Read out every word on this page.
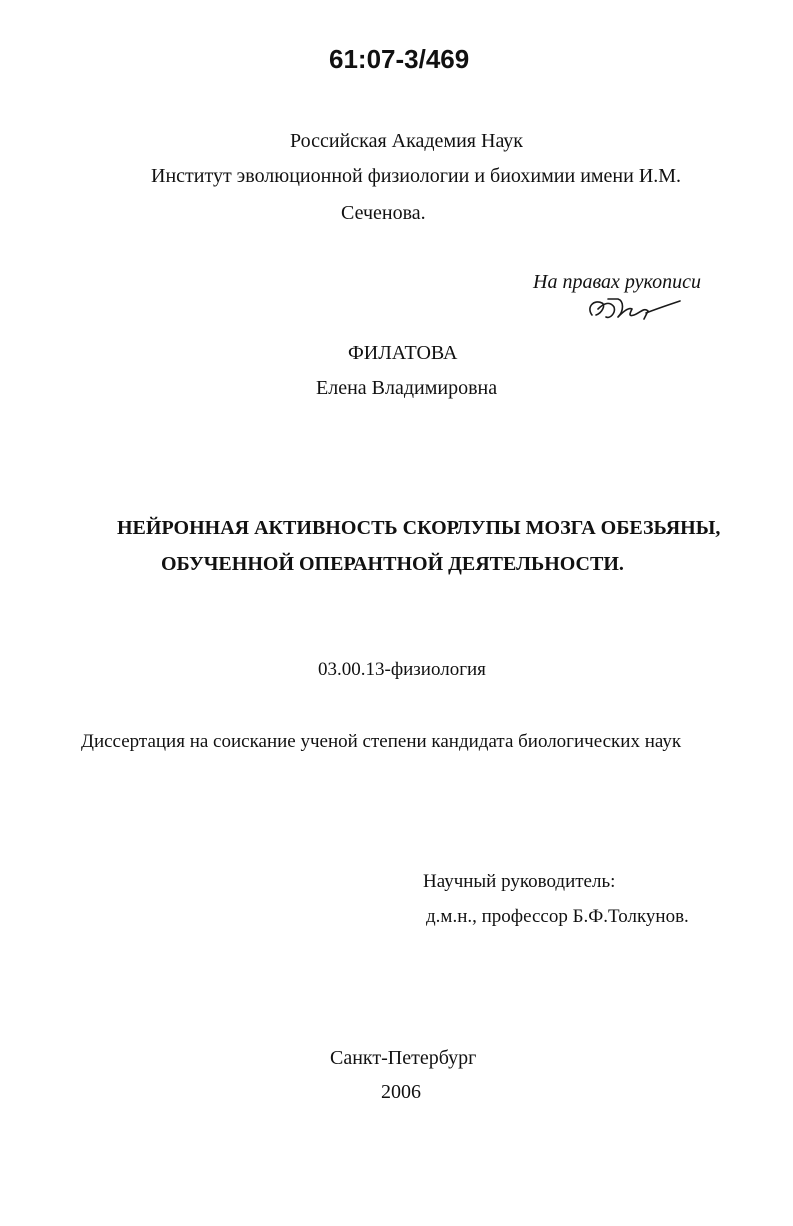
61:07-3/469
Российская Академия Наук
Институт эволюционной физиологии и биохимии имени И.М.
Сеченова.
На правах рукописи
ФИЛАТОВА
Елена Владимировна
НЕЙРОННАЯ АКТИВНОСТЬ СКОРЛУПЫ МОЗГА ОБЕЗЬЯНЫ,
ОБУЧЕННОЙ ОПЕРАНТНОЙ ДЕЯТЕЛЬНОСТИ.
03.00.13-физиология
Диссертация на соискание ученой степени кандидата биологических наук
Научный руководитель:
д.м.н., профессор Б.Ф.Толкунов.
Санкт-Петербург
2006
